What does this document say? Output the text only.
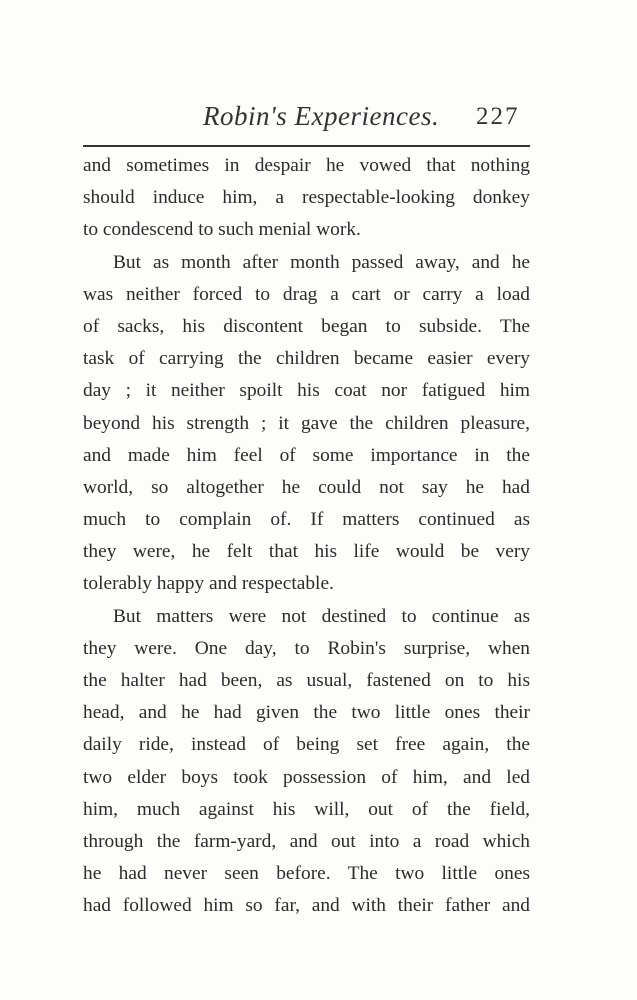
Robin's Experiences. 227
and sometimes in despair he vowed that nothing
should induce him, a respectable-looking donkey
to condescend to such menial work.
But as month after month passed away, and he
was neither forced to drag a cart or carry a load
of sacks, his discontent began to subside. The
task of carrying the children became easier every
day ; it neither spoilt his coat nor fatigued him
beyond his strength ; it gave the children pleasure,
and made him feel of some importance in the
world, so altogether he could not say he had
much to complain of. If matters continued as
they were, he felt that his life would be very
tolerably happy and respectable.
But matters were not destined to continue as
they were. One day, to Robin's surprise, when
the halter had been, as usual, fastened on to his
head, and he had given the two little ones their
daily ride, instead of being set free again, the
two elder boys took possession of him, and led
him, much against his will, out of the field,
through the farm-yard, and out into a road which
he had never seen before. The two little ones
had followed him so far, and with their father and
